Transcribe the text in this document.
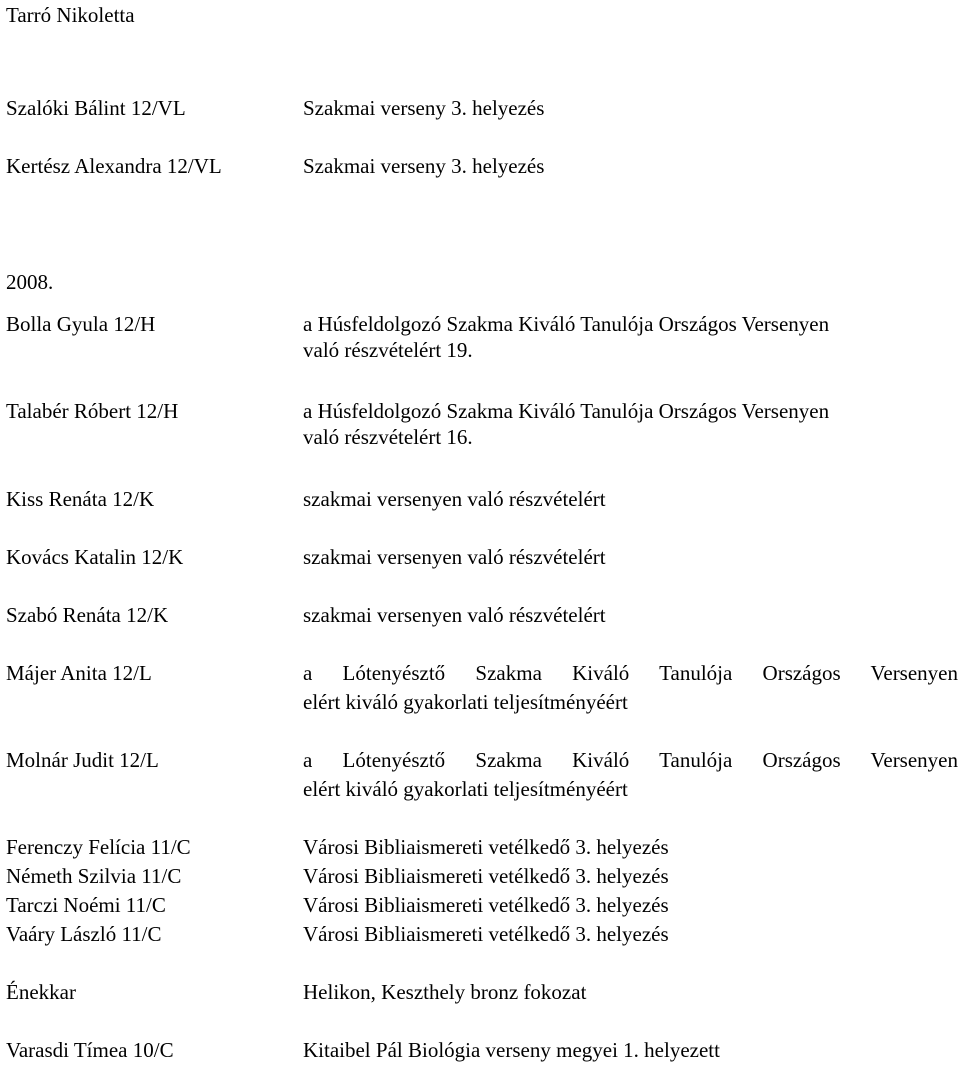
Tarró Nikoletta
Szalóki Bálint 12/VL	Szakmai verseny 3. helyezés
Kertész Alexandra 12/VL	Szakmai verseny 3. helyezés
2008.
Bolla Gyula 12/H
Talabér Róbert 12/H
Kiss Renáta 12/K
Kovács Katalin 12/K
Szabó Renáta 12/K
Májer Anita 12/L
Molnár Judit 12/L
Ferenczy Felícia 11/C
Németh Szilvia 11/C
Tarczi Noémi 11/C
Vaáry László 11/C
Énekkar
Varasdi Tímea 10/C
a Húsfeldolgozó Szakma Kiváló Tanulója Országos Versenyen
való részvételért 19.
a Húsfeldolgozó Szakma Kiváló Tanulója Országos Versenyen
való részvételért 16.
szakmai versenyen való részvételért
szakmai versenyen való részvételért
szakmai versenyen való részvételért
a Lótenyésztő Szakma Kiváló Tanulója Országos Versenyen
elért kiváló gyakorlati teljesítményéért
a Lótenyésztő Szakma Kiváló Tanulója Országos Versenyen
elért kiváló gyakorlati teljesítményéért
Városi Bibliaismereti vetélkedő 3. helyezés
Városi Bibliaismereti vetélkedő 3. helyezés
Városi Bibliaismereti vetélkedő 3. helyezés
Városi Bibliaismereti vetélkedő 3. helyezés
Helikon, Keszthely bronz fokozat
Kitaibel Pál Biológia verseny megyei 1. helyezett
